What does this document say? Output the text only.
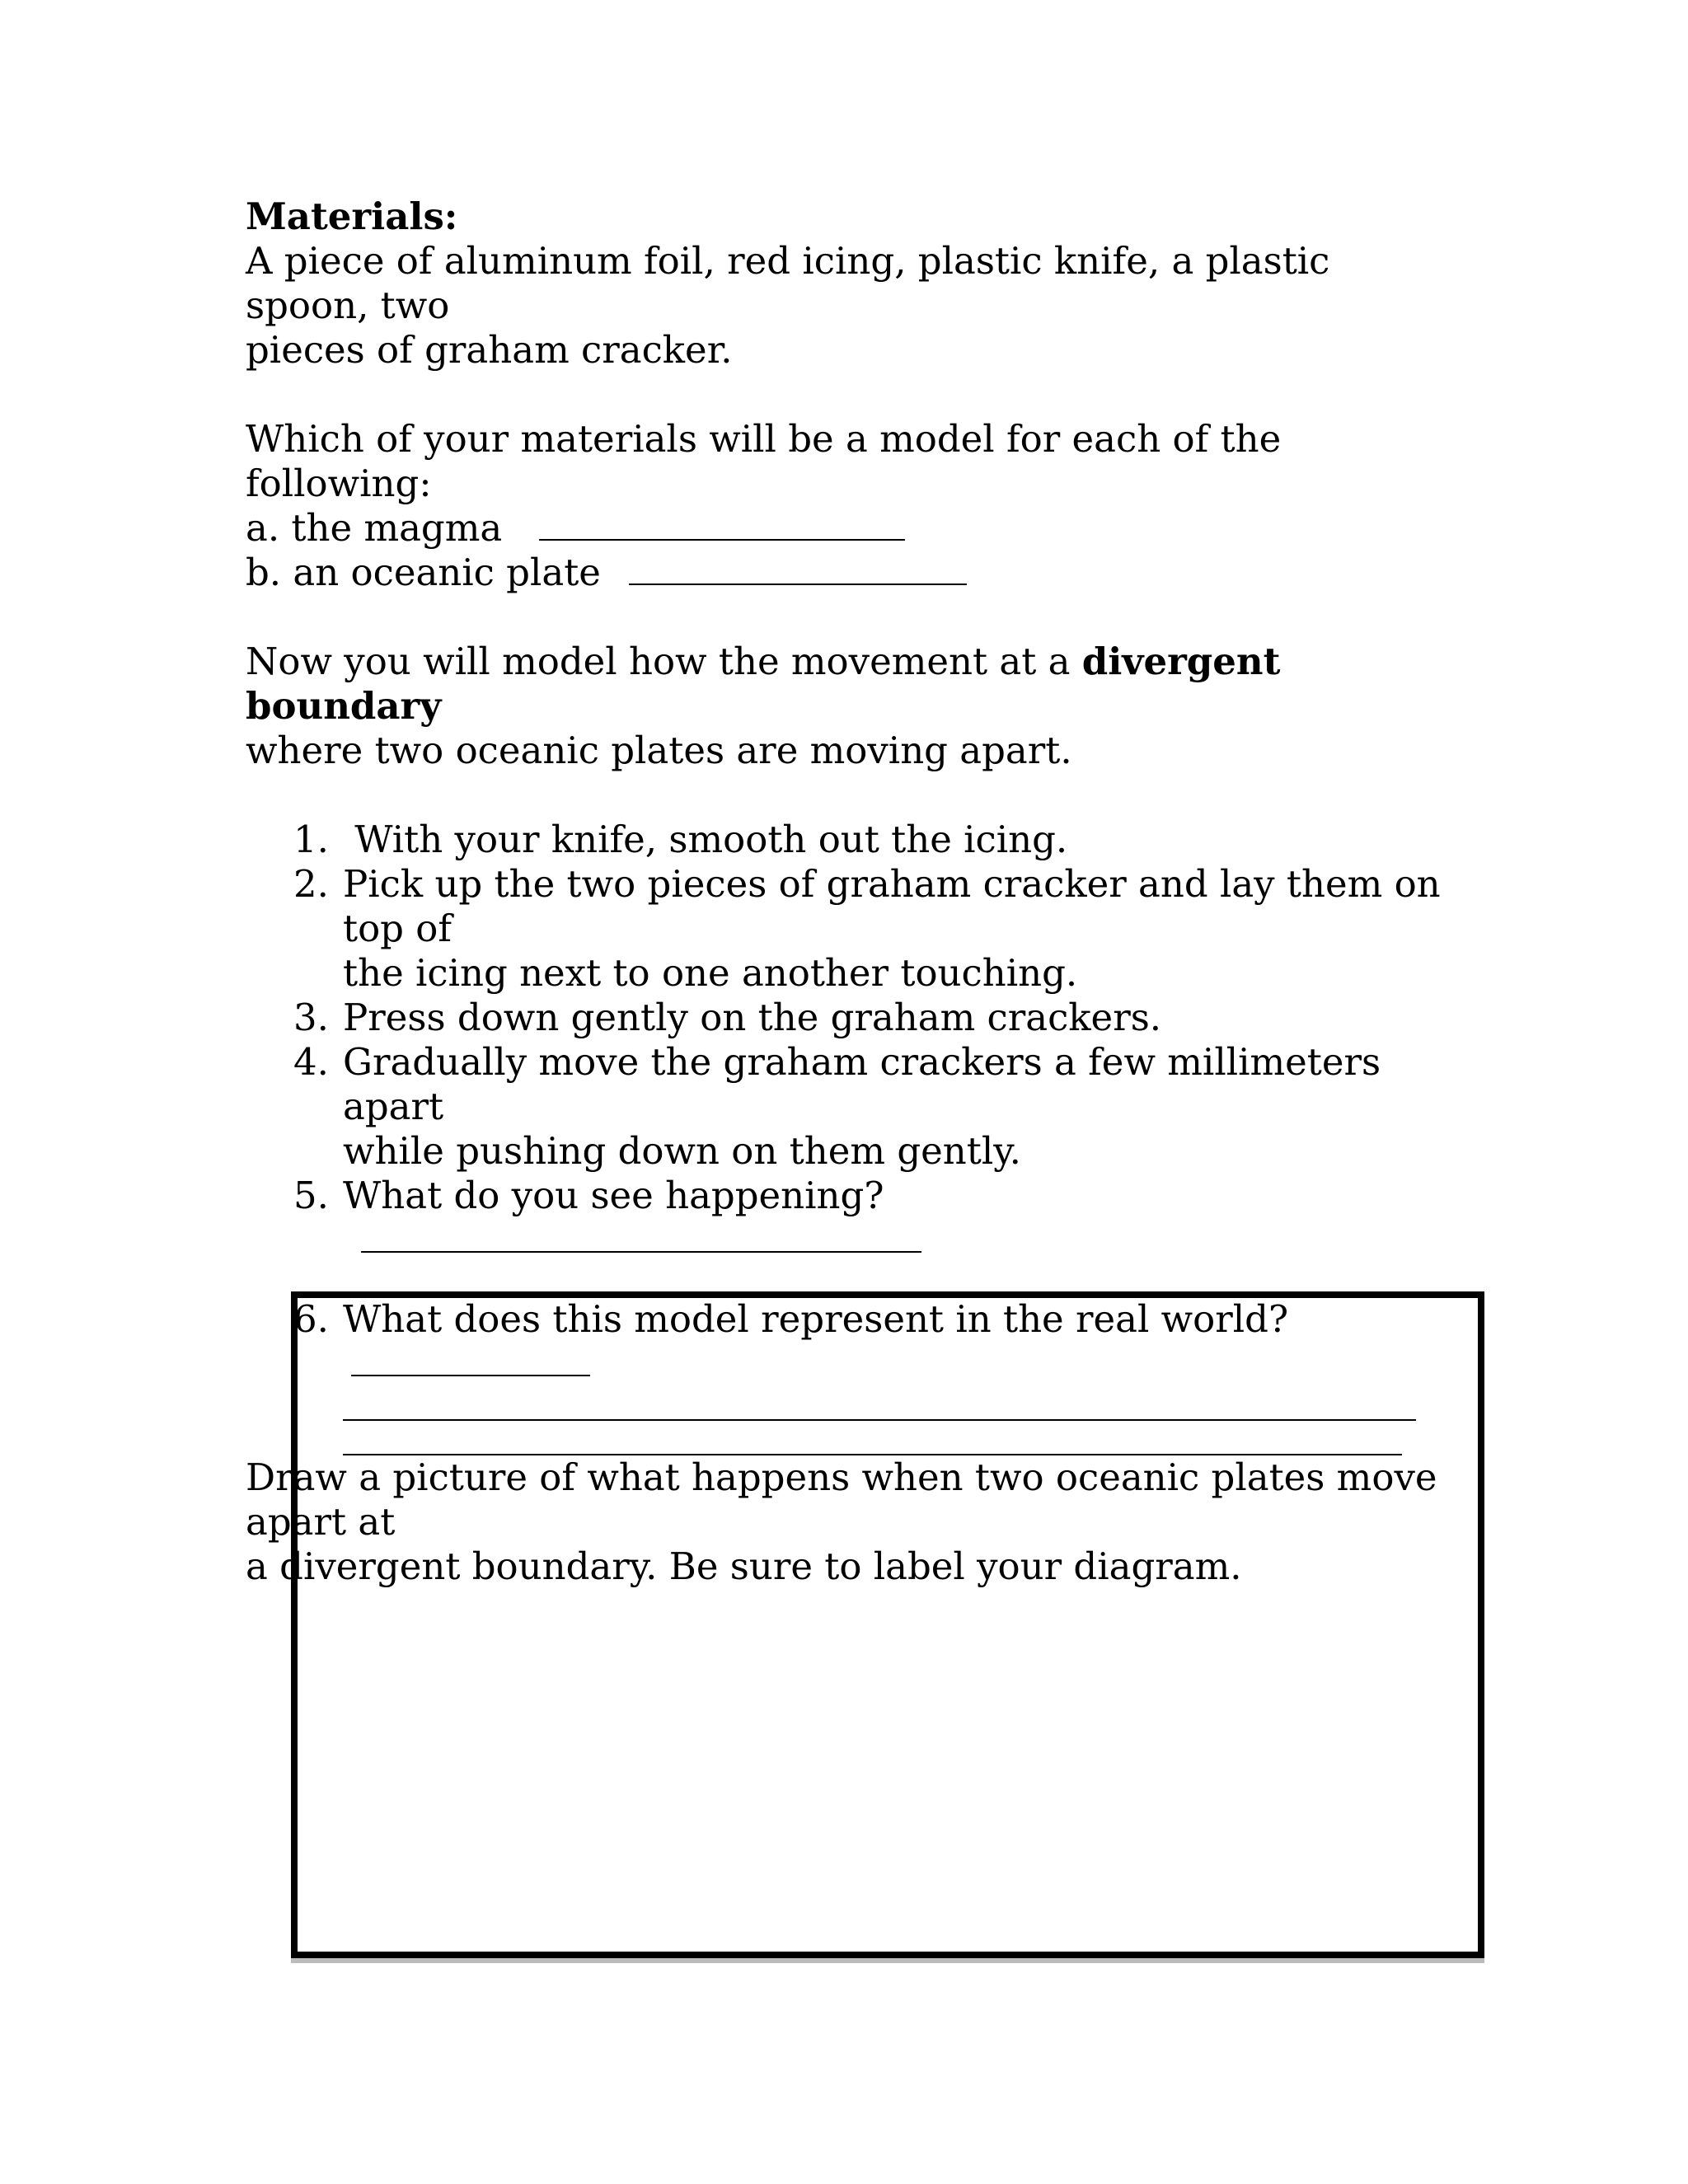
Materials:

A piece of aluminum foil, red icing, plastic knife, a plastic spoon, two

pieces of graham cracker.

Which of your materials will be a model for each of the following:

a. the magma

b. an oceanic plate

Now you will model how the movement at a divergent boundary

where two oceanic plates are moving apart.

1. With your knife, smooth out the icing.
2. Pick up the two pieces of graham cracker and lay them on top of
the icing next to one another touching.
3. Press down gently on the graham crackers.
4. Gradually move the graham crackers a few millimeters apart
while pushing down on them gently.
5. What do you see happening?
6. What does this model represent in the real world?

Draw a picture of what happens when two oceanic plates move apart at

a divergent boundary. Be sure to label your diagram.
